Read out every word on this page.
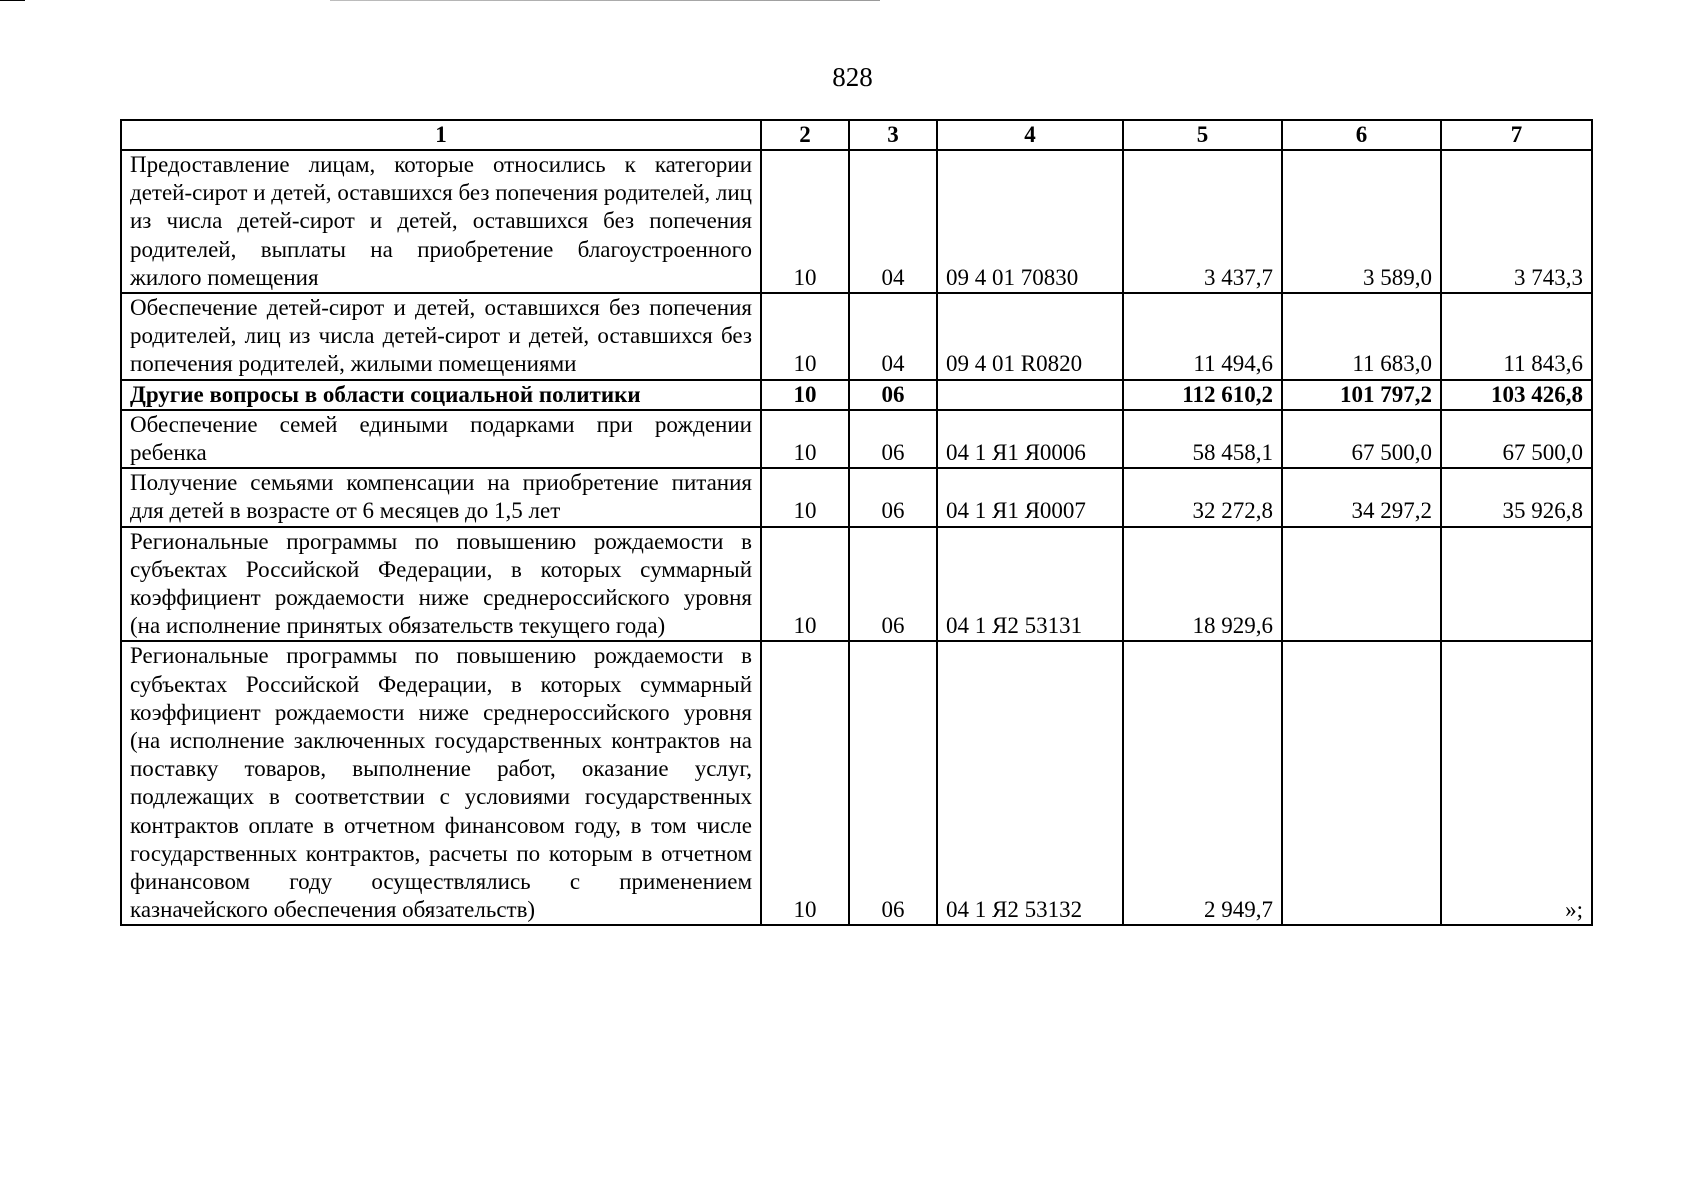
828
1	2	3	4	5	6	7
Предоставление лицам, которые относились к категории детей-сирот и детей, оставшихся без попечения родителей, лиц из числа детей-сирот и детей, оставшихся без попечения родителей, выплаты на приобретение благоустроенного жилого помещения	10	04	09 4 01 70830	3 437,7	3 589,0	3 743,3
Обеспечение детей-сирот и детей, оставшихся без попечения родителей, лиц из числа детей-сирот и детей, оставшихся без попечения родителей, жилыми помещениями	10	04	09 4 01 R0820	11 494,6	11 683,0	11 843,6
Другие вопросы в области социальной политики	10	06		112 610,2	101 797,2	103 426,8
Обеспечение семей едиными подарками при рождении ребенка	10	06	04 1 Я1 Я0006	58 458,1	67 500,0	67 500,0
Получение семьями компенсации на приобретение питания для детей в возрасте от 6 месяцев до 1,5 лет	10	06	04 1 Я1 Я0007	32 272,8	34 297,2	35 926,8
Региональные программы по повышению рождаемости в субъектах Российской Федерации, в которых суммарный коэффициент рождаемости ниже среднероссийского уровня (на исполнение принятых обязательств текущего года)	10	06	04 1 Я2 53131	18 929,6		
Региональные программы по повышению рождаемости в субъектах Российской Федерации, в которых суммарный коэффициент рождаемости ниже среднероссийского уровня (на исполнение заключенных государственных контрактов на поставку товаров, выполнение работ, оказание услуг, подлежащих в соответствии с условиями государственных контрактов оплате в отчетном финансовом году, в том числе государственных контрактов, расчеты по которым в отчетном финансовом году осуществлялись с применением казначейского обеспечения обязательств)	10	06	04 1 Я2 53132	2 949,7		»;
